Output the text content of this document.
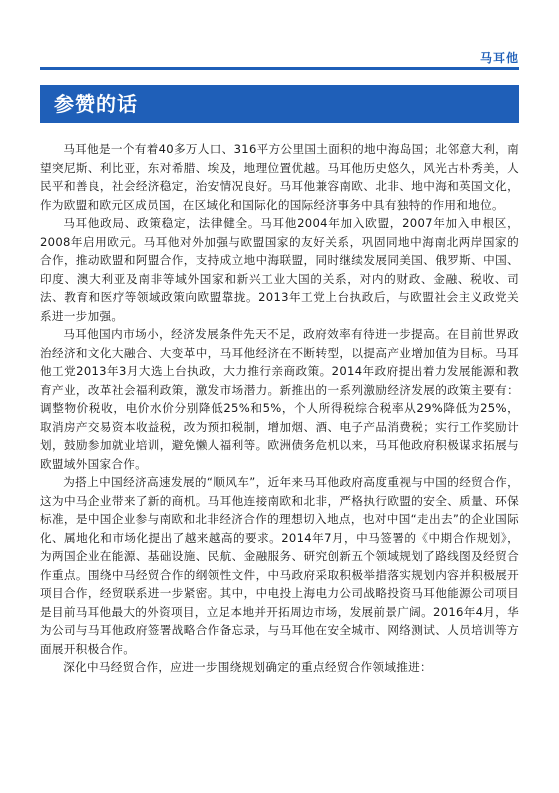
马耳他
参赞的话

马耳他是一个有着40多万人口、316平方公里国土面积的地中海岛国；北邻意大利，南望突尼斯、利比亚，东对希腊、埃及，地理位置优越。马耳他历史悠久，风光古朴秀美，人民平和善良，社会经济稳定，治安情况良好。马耳他兼容南欧、北非、地中海和英国文化，作为欧盟和欧元区成员国，在区域化和国际化的国际经济事务中具有独特的作用和地位。

马耳他政局、政策稳定，法律健全。马耳他2004年加入欧盟，2007年加入申根区，2008年启用欧元。马耳他对外加强与欧盟国家的友好关系，巩固同地中海南北两岸国家的合作，推动欧盟和阿盟合作，支持成立地中海联盟，同时继续发展同美国、俄罗斯、中国、印度、澳大利亚及南非等域外国家和新兴工业大国的关系，对内的财政、金融、税收、司法、教育和医疗等领域政策向欧盟靠拢。2013年工党上台执政后，与欧盟社会主义政党关系进一步加强。

马耳他国内市场小，经济发展条件先天不足，政府效率有待进一步提高。在目前世界政治经济和文化大融合、大变革中，马耳他经济在不断转型，以提高产业增加值为目标。马耳他工党2013年3月大选上台执政，大力推行亲商政策。2014年政府提出着力发展能源和教育产业，改革社会福利政策，激发市场潜力。新推出的一系列激励经济发展的政策主要有：调整物价税收，电价水价分别降低25%和5%，个人所得税综合税率从29%降低为25%，取消房产交易资本收益税，改为预扣税制，增加烟、酒、电子产品消费税；实行工作奖励计划，鼓励参加就业培训，避免懒人福利等。欧洲债务危机以来，马耳他政府积极谋求拓展与欧盟域外国家合作。

为搭上中国经济高速发展的“顺风车”，近年来马耳他政府高度重视与中国的经贸合作，这为中马企业带来了新的商机。马耳他连接南欧和北非，严格执行欧盟的安全、质量、环保标准，是中国企业参与南欧和北非经济合作的理想切入地点，也对中国“走出去”的企业国际化、属地化和市场化提出了越来越高的要求。2014年7月，中马签署的《中期合作规划》，为两国企业在能源、基础设施、民航、金融服务、研究创新五个领域规划了路线图及经贸合作重点。围绕中马经贸合作的纲领性文件，中马政府采取积极举措落实规划内容并积极展开项目合作，经贸联系进一步紧密。其中，中电投上海电力公司战略投资马耳他能源公司项目是目前马耳他最大的外资项目，立足本地并开拓周边市场，发展前景广阔。2016年4月，华为公司与马耳他政府签署战略合作备忘录，与马耳他在安全城市、网络测试、人员培训等方面展开积极合作。

深化中马经贸合作，应进一步围绕规划确定的重点经贸合作领域推进：
